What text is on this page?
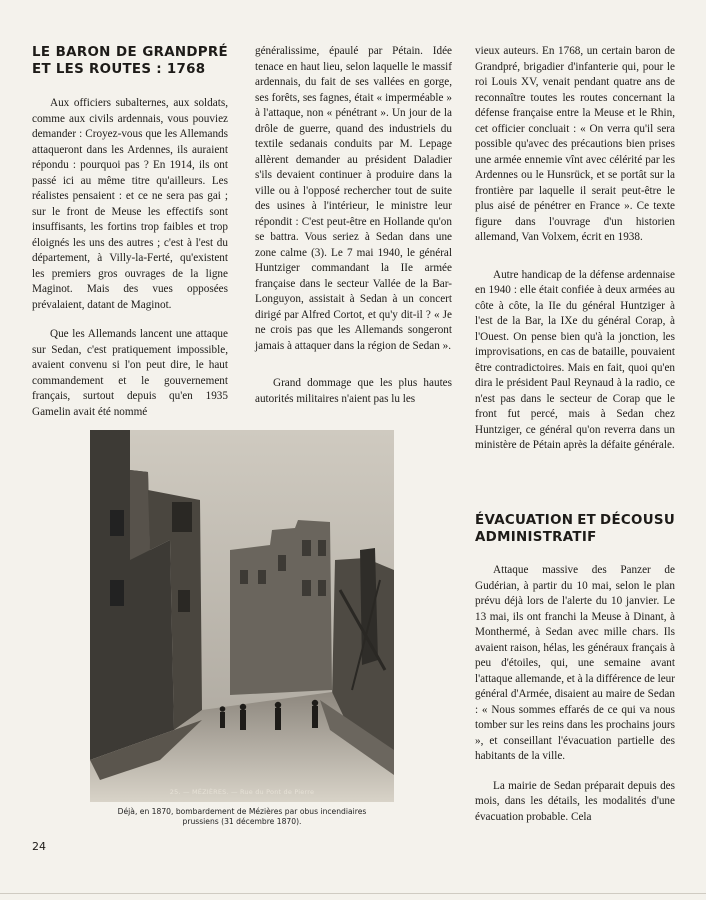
LE BARON DE GRANDPRÉ
ET LES ROUTES : 1768

Aux officiers subalternes, aux soldats, comme aux civils ardennais, vous pouviez demander : Croyez-vous que les Allemands attaqueront dans les Ardennes, ils auraient répondu : pourquoi pas ? En 1914, ils ont passé ici au même titre qu'ailleurs. Les réalistes pensaient : et ce ne sera pas gai ; sur le front de Meuse les effectifs sont insuffisants, les fortins trop faibles et trop éloignés les uns des autres ; c'est à l'est du département, à Villy-la-Ferté, qu'existent les premiers gros ouvrages de la ligne Maginot. Mais des vues opposées prévalaient, datant de Maginot.

Que les Allemands lancent une attaque sur Sedan, c'est pratiquement impossible, avaient convenu si l'on peut dire, le haut commandement et le gouvernement français, surtout depuis qu'en 1935 Gamelin avait été nommé

généralissime, épaulé par Pétain. Idée tenace en haut lieu, selon laquelle le massif ardennais, du fait de ses vallées en gorge, ses forêts, ses fagnes, était « imperméable » à l'attaque, non « pénétrant ». Un jour de la drôle de guerre, quand des industriels du textile sedanais conduits par M. Lepage allèrent demander au président Daladier s'ils devaient continuer à produire dans la ville ou à l'opposé rechercher tout de suite des usines à l'intérieur, le ministre leur répondit : C'est peut-être en Hollande qu'on se battra. Vous seriez à Sedan dans une zone calme (3). Le 7 mai 1940, le général Huntziger commandant la IIe armée française dans le secteur Vallée de la Bar-Longuyon, assistait à Sedan à un concert dirigé par Alfred Cortot, et qu'y dit-il ? « Je ne crois pas que les Allemands songeront jamais à attaquer dans la région de Sedan ».

Grand dommage que les plus hautes autorités militaires n'aient pas lu les

vieux auteurs. En 1768, un certain baron de Grandpré, brigadier d'infanterie qui, pour le roi Louis XV, venait pendant quatre ans de reconnaître toutes les routes concernant la défense française entre la Meuse et le Rhin, cet officier concluait : « On verra qu'il sera possible qu'avec des précautions bien prises une armée ennemie vînt avec célérité par les Ardennes ou le Hunsrück, et se portât sur la frontière par laquelle il serait peut-être le plus aisé de pénétrer en France ». Ce texte figure dans l'ouvrage d'un historien allemand, Van Volxem, écrit en 1938.

Autre handicap de la défense ardennaise en 1940 : elle était confiée à deux armées au côte à côte, la IIe du général Huntziger à l'est de la Bar, la IXe du général Corap, à l'Ouest. On pense bien qu'à la jonction, les improvisations, en cas de bataille, pouvaient être contradictoires. Mais en fait, quoi qu'en dira le président Paul Reynaud à la radio, ce n'est pas dans le secteur de Corap que le front fut percé, mais à Sedan chez Huntziger, ce général qu'on reverra dans un ministère de Pétain après la défaite générale.

ÉVACUATION ET DÉCOUSU
ADMINISTRATIF

Attaque massive des Panzer de Gudérian, à partir du 10 mai, selon le plan prévu déjà lors de l'alerte du 10 janvier. Le 13 mai, ils ont franchi la Meuse à Dinant, à Monthermé, à Sedan avec mille chars. Ils avaient raison, hélas, les généraux français à peu d'étoiles, qui, une semaine avant l'attaque allemande, et à la différence de leur général d'Armée, disaient au maire de Sedan : « Nous sommes effarés de ce qui va nous tomber sur les reins dans les prochains jours », et conseillant l'évacuation partielle des habitants de la ville.

La mairie de Sedan préparait depuis des mois, dans les détails, les modalités d'une évacuation probable. Cela

25. — MÉZIÈRES. — Rue du Pont de Pierre
Déjà, en 1870, bombardement de Mézières par obus incendiaires
prussiens (31 décembre 1870).
24
